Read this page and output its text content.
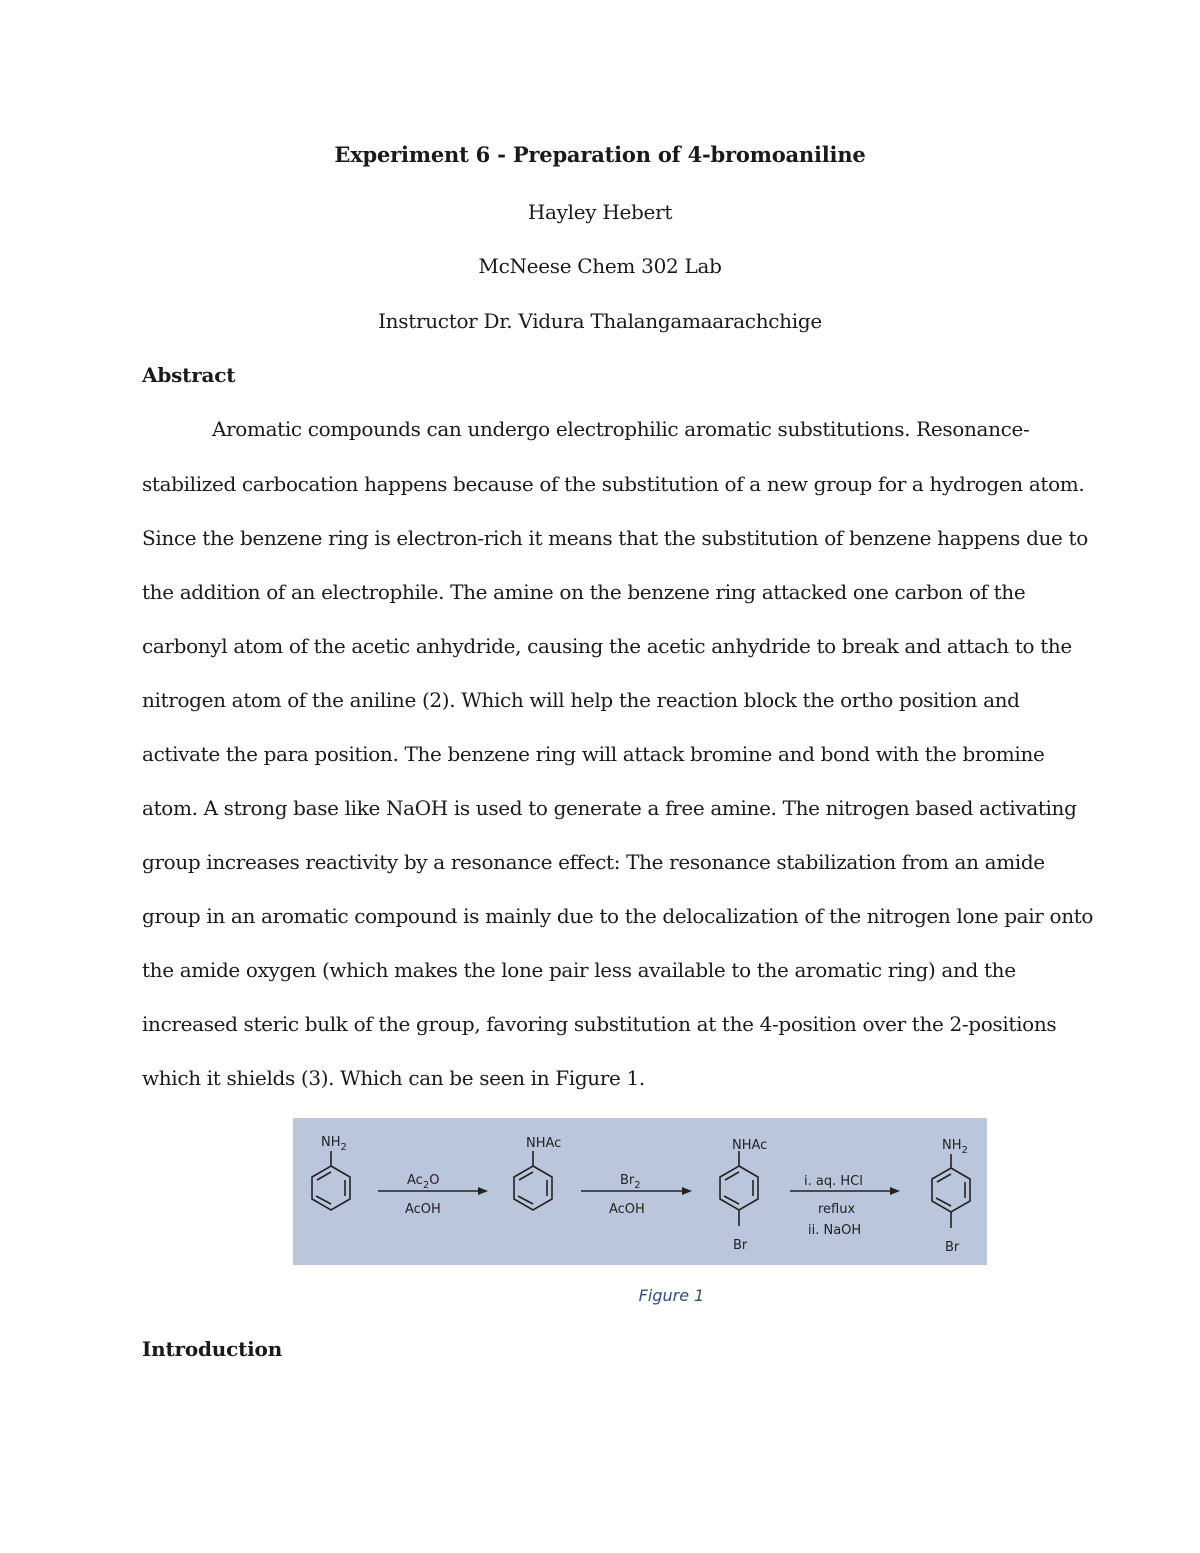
Experiment 6 - Preparation of 4-bromoaniline
Hayley Hebert
McNeese Chem 302 Lab
Instructor Dr. Vidura Thalangamaarachchige
Abstract
Aromatic compounds can undergo electrophilic aromatic substitutions. Resonance-
stabilized carbocation happens because of the substitution of a new group for a hydrogen atom.
Since the benzene ring is electron-rich it means that the substitution of benzene happens due to
the addition of an electrophile. The amine on the benzene ring attacked one carbon of the
carbonyl atom of the acetic anhydride, causing the acetic anhydride to break and attach to the
nitrogen atom of the aniline (2). Which will help the reaction block the ortho position and
activate the para position. The benzene ring will attack bromine and bond with the bromine
atom. A strong base like NaOH is used to generate a free amine. The nitrogen based activating
group increases reactivity by a resonance effect: The resonance stabilization from an amide
group in an aromatic compound is mainly due to the delocalization of the nitrogen lone pair onto
the amide oxygen (which makes the lone pair less available to the aromatic ring) and the
increased steric bulk of the group, favoring substitution at the 4-position over the 2-positions
which it shields (3). Which can be seen in Figure 1.
$NH_2$
$Ac_2O$
AcOH
NHAc
$Br_2$
AcOH
NHAc
Br
i. aq. HCl
reflux
ii. NaOH
$NH_2$
Br
Figure 1
Introduction
